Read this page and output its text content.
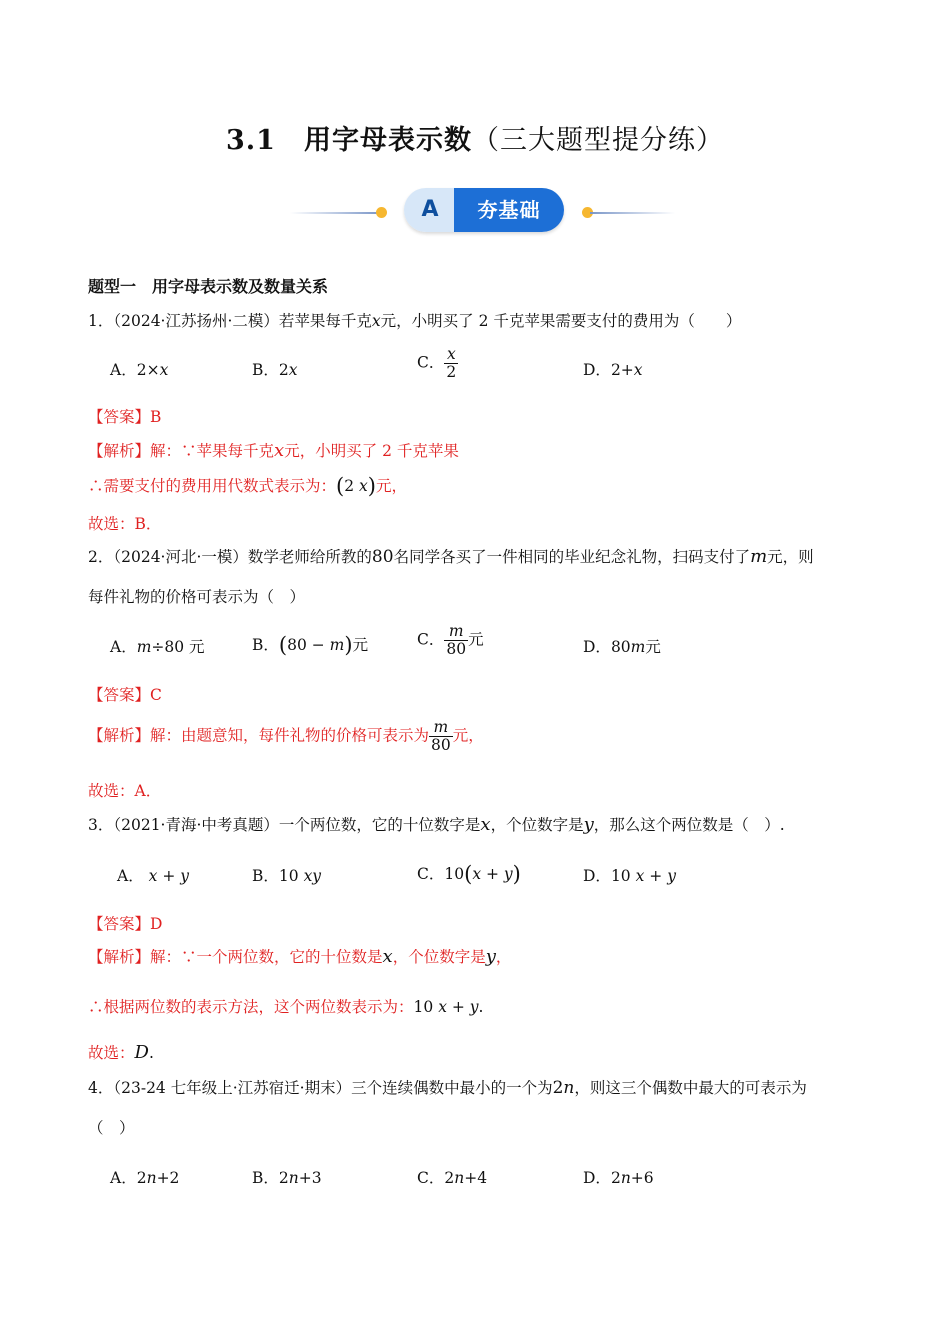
3.1 用字母表示数（三大题型提分练）
A	夯基础
题型一　用字母表示数及数量关系
1．（2024·江苏扬州·二模）若苹果每千克x元，小明买了 2 千克苹果需要支付的费用为（　　）
A．2×x	B．2x	C． $\frac{x}{2}$	D．2+x
【答案】B
【解析】解：∵苹果每千克x元，小明买了 2 千克苹果
∴需要支付的费用用代数式表示为：(2 x)元，
故选：B．
2．（2024·河北·一模）数学老师给所教的80名同学各买了一件相同的毕业纪念礼物，扫码支付了m元，则
每件礼物的价格可表示为（　）
A．m÷80 元	B．(80 − m)元	C． $\frac{m}{80}$ 元	D．80m元
【答案】C
【解析】解：由题意知，每件礼物的价格可表示为 $\frac{m}{80}$ 元，
故选：A．
3．（2021·青海·中考真题）一个两位数，它的十位数字是x，个位数字是y，那么这个两位数是（　）.
A． x + y	B．10 xy	C．10(x + y)	D．10 x + y
【答案】D
【解析】解：∵一个两位数，它的十位数是x，个位数字是y，
∴根据两位数的表示方法，这个两位数表示为：10 x + y.
故选：D.
4．（23-24 七年级上·江苏宿迁·期末）三个连续偶数中最小的一个为2n，则这三个偶数中最大的可表示为
（　）
A．2n+2	B．2n+3	C．2n+4	D．2n+6
